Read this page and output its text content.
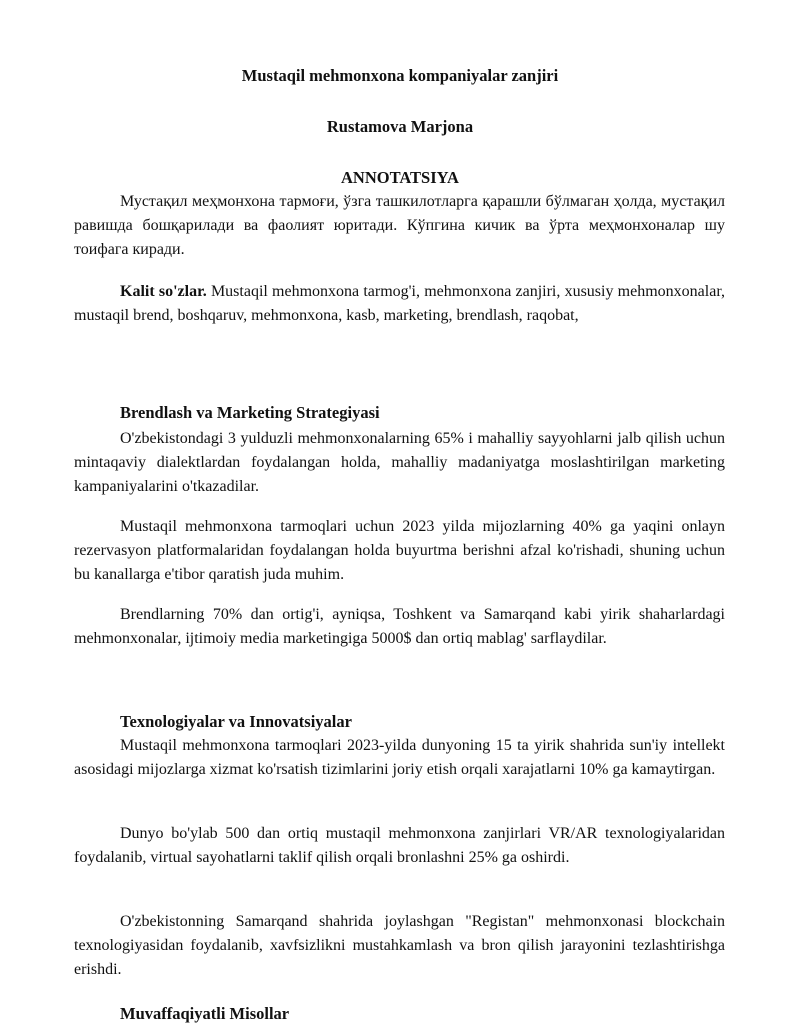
Mustaqil mehmonxona kompaniyalar zanjiri

Rustamova Marjona

ANNOTATSIYA

Мустақил меҳмонхона тармоғи, ўзга ташкилотларга қарашли бўлмаган ҳолда, мустақил равишда бошқарилади ва фаолият юритади. Кўпгина кичик ва ўрта меҳмонхоналар шу тоифага киради.

Kalit so'zlar. Mustaqil mehmonxona tarmog'i, mehmonxona zanjiri, xususiy mehmonxonalar, mustaqil brend, boshqaruv, mehmonxona, kasb, marketing, brendlash, raqobat,

Brendlash va Marketing Strategiyasi

O'zbekistondagi 3 yulduzli mehmonxonalarning 65% i mahalliy sayyohlarni jalb qilish uchun mintaqaviy dialektlardan foydalangan holda, mahalliy madaniyatga moslashtirilgan marketing kampaniyalarini o'tkazadilar.

Mustaqil mehmonxona tarmoqlari uchun 2023 yilda mijozlarning 40% ga yaqini onlayn rezervasyon platformalaridan foydalangan holda buyurtma berishni afzal ko'rishadi, shuning uchun bu kanallarga e'tibor qaratish juda muhim.

Brendlarning 70% dan ortig'i, ayniqsa, Toshkent va Samarqand kabi yirik shaharlardagi mehmonxonalar, ijtimoiy media marketingiga 5000$ dan ortiq mablag' sarflaydilar.

Texnologiyalar va Innovatsiyalar

Mustaqil mehmonxona tarmoqlari 2023-yilda dunyoning 15 ta yirik shahrida sun'iy intellekt asosidagi mijozlarga xizmat ko'rsatish tizimlarini joriy etish orqali xarajatlarni 10% ga kamaytirgan.

Dunyo bo'ylab 500 dan ortiq mustaqil mehmonxona zanjirlari VR/AR texnologiyalaridan foydalanib, virtual sayohatlarni taklif qilish orqali bronlashni 25% ga oshirdi.

O'zbekistonning Samarqand shahrida joylashgan "Registan" mehmonxonasi blockchain texnologiyasidan foydalanib, xavfsizlikni mustahkamlash va bron qilish jarayonini tezlashtirishga erishdi.

Muvaffaqiyatli Misollar
